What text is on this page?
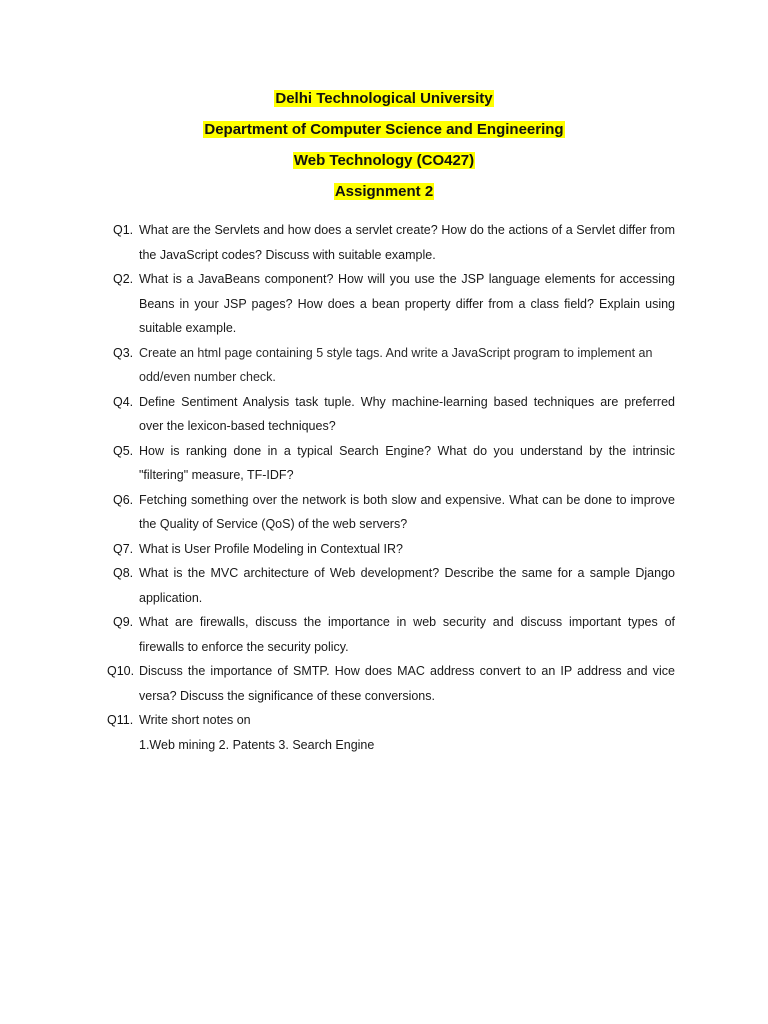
Delhi Technological University
Department of Computer Science and Engineering
Web Technology (CO427)
Assignment 2
Q1. What are the Servlets and how does a servlet create? How do the actions of a Servlet differ from the JavaScript codes? Discuss with suitable example.
Q2. What is a JavaBeans component? How will you use the JSP language elements for accessing Beans in your JSP pages? How does a bean property differ from a class field? Explain using suitable example.
Q3. Create an html page containing 5 style tags. And write a JavaScript program to implement an odd/even number check.
Q4. Define Sentiment Analysis task tuple. Why machine-learning based techniques are preferred over the lexicon-based techniques?
Q5. How is ranking done in a typical Search Engine? What do you understand by the intrinsic "filtering" measure, TF-IDF?
Q6. Fetching something over the network is both slow and expensive. What can be done to improve the Quality of Service (QoS) of the web servers?
Q7. What is User Profile Modeling in Contextual IR?
Q8. What is the MVC architecture of Web development? Describe the same for a sample Django application.
Q9. What are firewalls, discuss the importance in web security and discuss important types of firewalls to enforce the security policy.
Q10. Discuss the importance of SMTP. How does MAC address convert to an IP address and vice versa? Discuss the significance of these conversions.
Q11. Write short notes on
1.Web mining 2. Patents 3. Search Engine
